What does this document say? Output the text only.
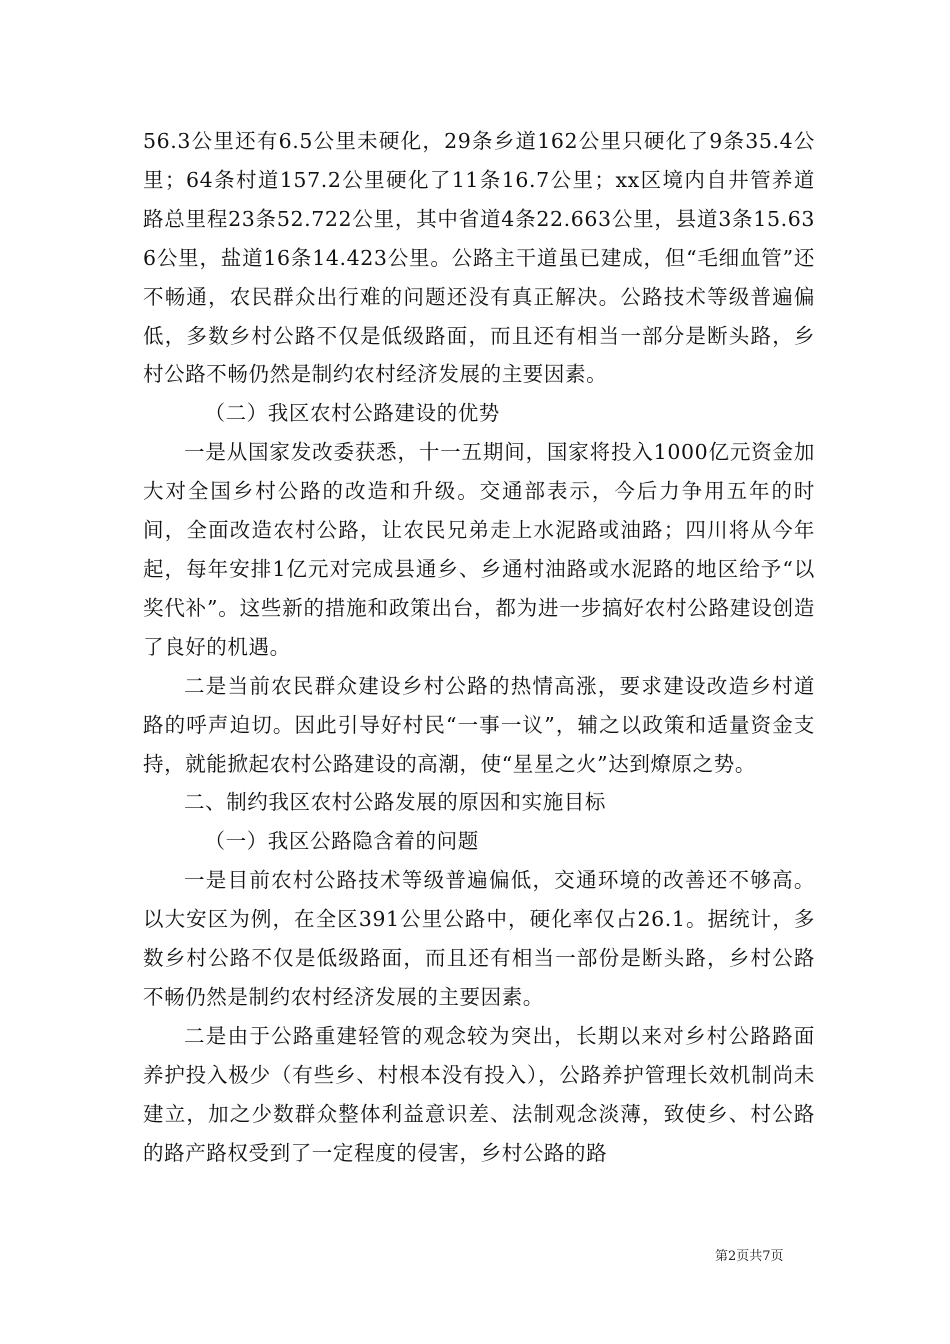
56.3公里还有6.5公里未硬化，29条乡道162公里只硬化了9条35.4公里；64条村道157.2公里硬化了11条16.7公里；xx区境内自井管养道路总里程23条52.722公里，其中省道4条22.663公里，县道3条15.636公里，盐道16条14.423公里。公路主干道虽已建成，但“毛细血管”还不畅通，农民群众出行难的问题还没有真正解决。公路技术等级普遍偏低，多数乡村公路不仅是低级路面，而且还有相当一部分是断头路，乡村公路不畅仍然是制约农村经济发展的主要因素。

（二）我区农村公路建设的优势

一是从国家发改委获悉，十一五期间，国家将投入1000亿元资金加大对全国乡村公路的改造和升级。交通部表示，今后力争用五年的时间，全面改造农村公路，让农民兄弟走上水泥路或油路；四川将从今年起，每年安排1亿元对完成县通乡、乡通村油路或水泥路的地区给予“以奖代补”。这些新的措施和政策出台，都为进一步搞好农村公路建设创造了良好的机遇。

二是当前农民群众建设乡村公路的热情高涨，要求建设改造乡村道路的呼声迫切。因此引导好村民“一事一议”，辅之以政策和适量资金支持，就能掀起农村公路建设的高潮，使“星星之火”达到燎原之势。

二、制约我区农村公路发展的原因和实施目标

（一）我区公路隐含着的问题

一是目前农村公路技术等级普遍偏低，交通环境的改善还不够高。以大安区为例，在全区391公里公路中，硬化率仅占26.1。据统计，多数乡村公路不仅是低级路面，而且还有相当一部份是断头路，乡村公路不畅仍然是制约农村经济发展的主要因素。

二是由于公路重建轻管的观念较为突出，长期以来对乡村公路路面养护投入极少（有些乡、村根本没有投入），公路养护管理长效机制尚未建立，加之少数群众整体利益意识差、法制观念淡薄，致使乡、村公路的路产路权受到了一定程度的侵害，乡村公路的路

第2页共7页
